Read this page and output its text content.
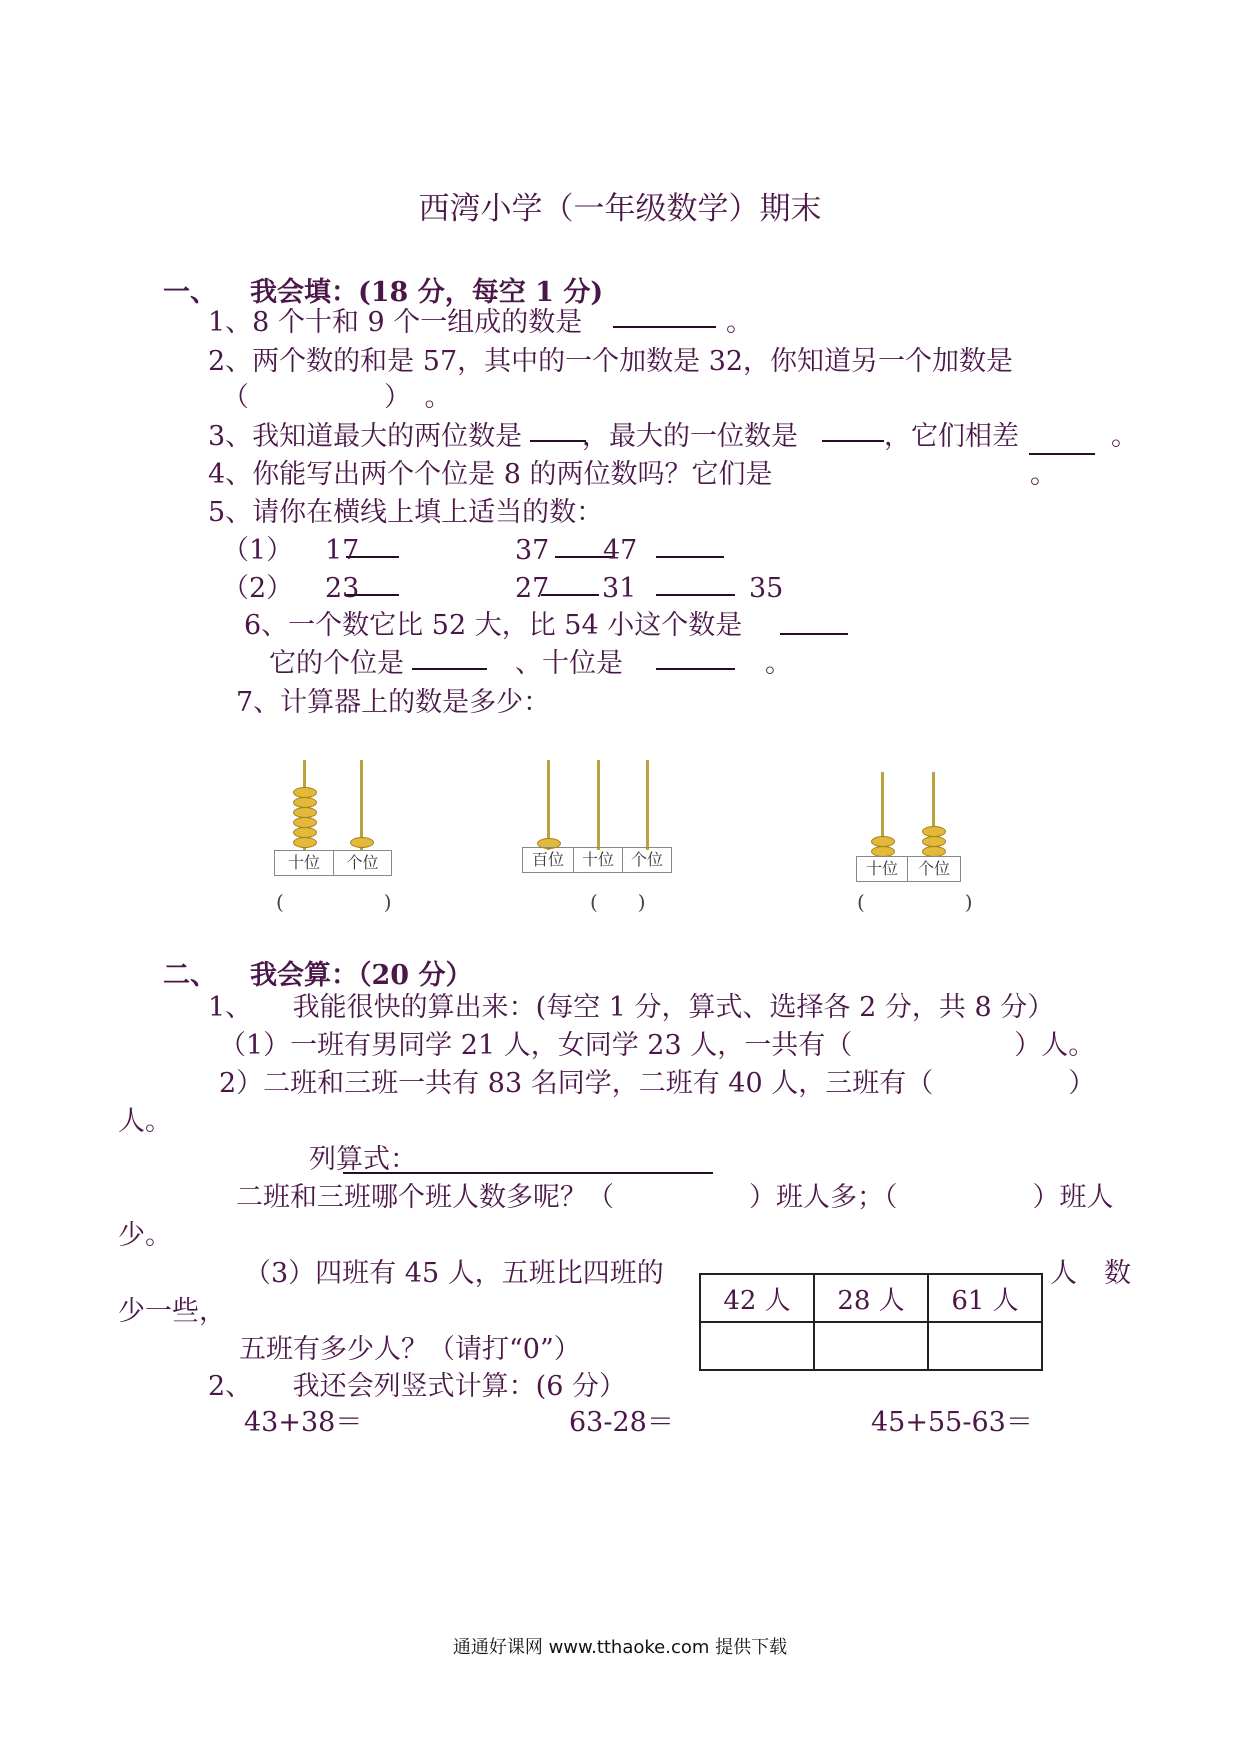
西湾小学（一年级数学）期末
一、 我会填：(18 分，每空 1 分)
1、8 个十和 9 个一组成的数是	。
2、两个数的和是 57，其中的一个加数是 32，你知道另一个加数是
（　　　　　）　。
3、我知道最大的两位数是 ，最大的一位数是	，它们相差	。
4、你能写出两个个位是 8 的两位数吗？它们是	。
5、请你在横线上填上适当的数：
（1） 17	37 47
（2） 23	27 31	35
6、一个数它比 52 大，比 54 小这个数是
它的个位是	、十位是	。
7、计算器上的数是多少：
十位	个位
(　　　　　)
百位	十位	个位
(　　)
十位	个位
(　　　　　)
二、 我会算：（20 分）
1、　　我能很快的算出来：(每空 1 分，算式、选择各 2 分，共 8 分）
（1）一班有男同学 21 人，女同学 23 人，一共有（　　　　　　）人。
2）二班和三班一共有 83 名同学，二班有 40 人，三班有（　　　　　）
人。
列算式：
二班和三班哪个班人数多呢？（　　　　　）班人多；（　　　　　）班人
少。
（3）四班有 45 人，五班比四班的	人　数
少一些，
五班有多少人？（请打“0”）
42 人	28 人	61 人

2、　　我还会列竖式计算：(6 分）
43+38＝	63-28＝	45+55-63＝
通通好课网 www.tthaoke.com 提供下载
